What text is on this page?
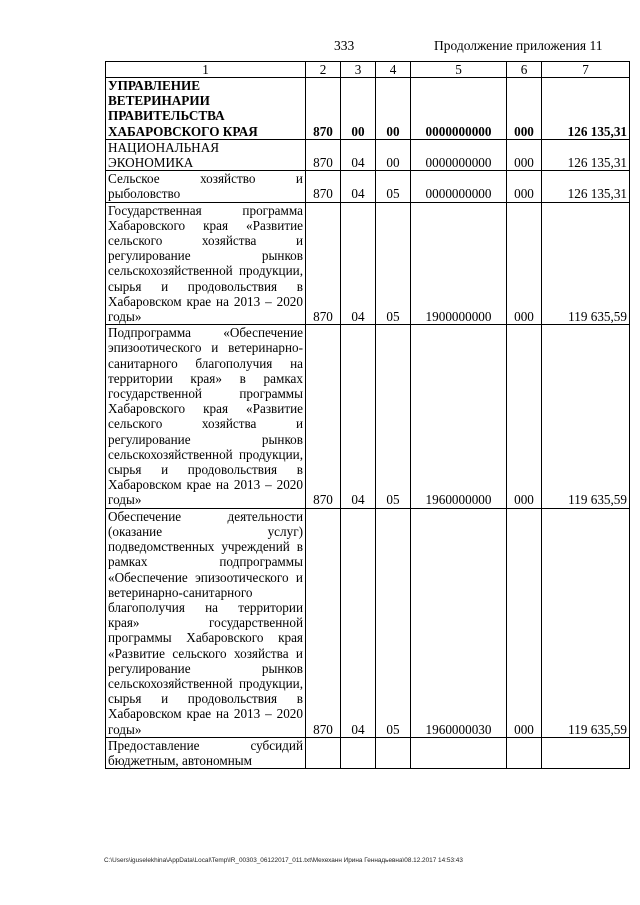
333	Продолжение приложения 11
1	2	3	4	5	6	7
УПРАВЛЕНИЕ ВЕТЕРИНАРИИ ПРАВИТЕЛЬСТВА ХАБАРОВСКОГО КРАЯ	870	00	00	0000000000	000	126 135,31
НАЦИОНАЛЬНАЯ ЭКОНОМИКА	870	04	00	0000000000	000	126 135,31
Сельское хозяйство и рыболовство	870	04	05	0000000000	000	126 135,31
Государственная программа Хабаровского края «Развитие сельского хозяйства и регулирование рынков сельскохозяйственной продукции, сырья и продовольствия в Хабаровском крае на 2013 – 2020 годы»	870	04	05	1900000000	000	119 635,59
Подпрограмма «Обеспечение эпизоотического и ветеринарно-санитарного благополучия на территории края» в рамках государственной программы Хабаровского края «Развитие сельского хозяйства и регулирование рынков сельскохозяйственной продукции, сырья и продовольствия в Хабаровском крае на 2013 – 2020 годы»	870	04	05	1960000000	000	119 635,59
Обеспечение деятельности (оказание услуг) подведомственных учреждений в рамках подпрограммы «Обеспечение эпизоотического и ветеринарно-санитарного благополучия на территории края» государственной программы Хабаровского края «Развитие сельского хозяйства и регулирование рынков сельскохозяйственной продукции, сырья и продовольствия в Хабаровском крае на 2013 – 2020 годы»	870	04	05	1960000030	000	119 635,59
Предоставление субсидий бюджетным, автономным						
C:\Users\iguselekhina\AppData\Local\Temp\IR_00303_06122017_011.txt\Мехеханн Ирина Геннадьевна\08.12.2017 14:53:43
